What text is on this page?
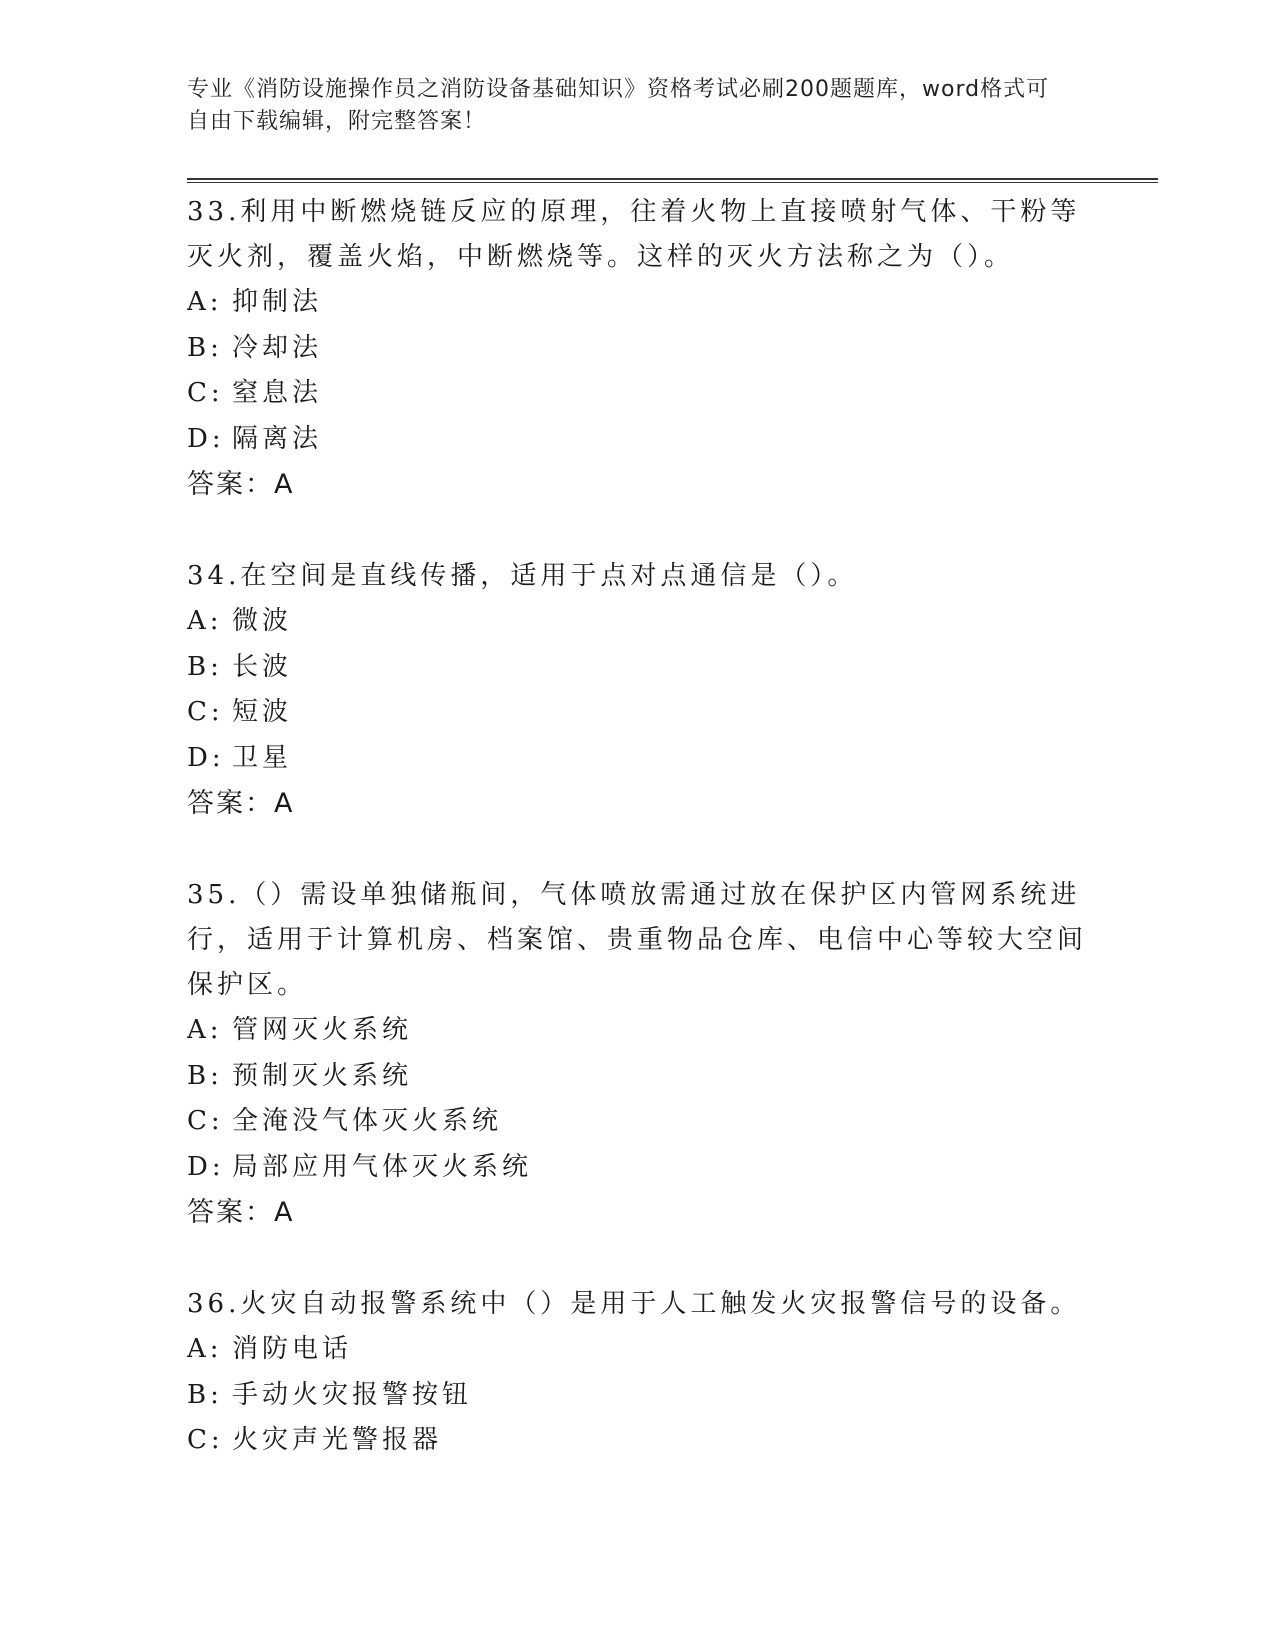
专业《消防设施操作员之消防设备基础知识》资格考试必刷200题题库，word格式可自由下载编辑，附完整答案！

33.利用中断燃烧链反应的原理，往着火物上直接喷射气体、干粉等灭火剂，覆盖火焰，中断燃烧等。这样的灭火方法称之为（）。

A: 抑制法
B: 冷却法
C: 窒息法
D: 隔离法
答案：A

34.在空间是直线传播，适用于点对点通信是（）。

A: 微波
B: 长波
C: 短波
D: 卫星
答案：A

35.（）需设单独储瓶间，气体喷放需通过放在保护区内管网系统进行，适用于计算机房、档案馆、贵重物品仓库、电信中心等较大空间保护区。

A: 管网灭火系统
B: 预制灭火系统
C: 全淹没气体灭火系统
D: 局部应用气体灭火系统
答案：A

36.火灾自动报警系统中（）是用于人工触发火灾报警信号的设备。

A: 消防电话
B: 手动火灾报警按钮
C: 火灾声光警报器
